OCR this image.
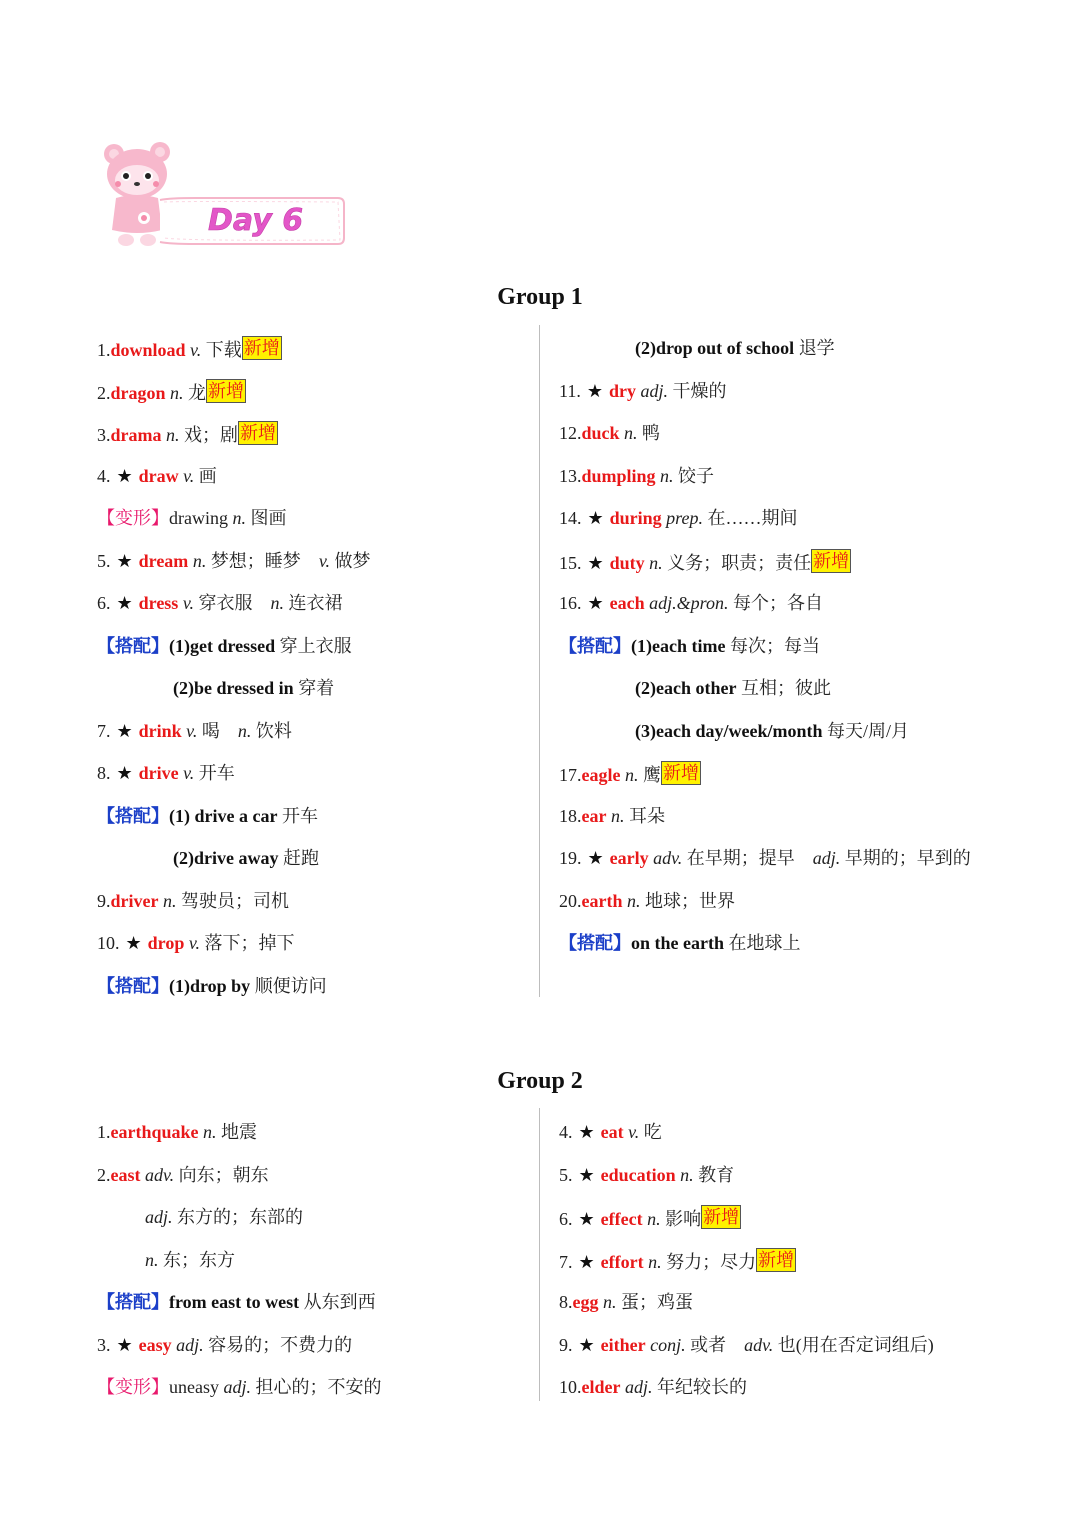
Day 6
Group 1
1.download v. 下载 新增
2.dragon n. 龙 新增
3.drama n. 戏；剧 新增
4. ★ draw v. 画
【变形】drawing n. 图画
5. ★ dream n. 梦想；睡梦 v. 做梦
6. ★ dress v. 穿衣服 n. 连衣裙
【搭配】(1)get dressed 穿上衣服
(2)be dressed in 穿着
7. ★ drink v. 喝 n. 饮料
8. ★ drive v. 开车
【搭配】(1) drive a car 开车
(2)drive away 赶跑
9.driver n. 驾驶员；司机
10. ★ drop v. 落下；掉下
【搭配】(1)drop by 顺便访问
(2)drop out of school 退学
11. ★ dry adj. 干燥的
12.duck n. 鸭
13.dumpling n. 饺子
14. ★ during prep. 在……期间
15. ★ duty n. 义务；职责；责任 新增
16. ★ each adj.&pron. 每个；各自
【搭配】(1)each time 每次；每当
(2)each other 互相；彼此
(3)each day/week/month 每天/周/月
17.eagle n. 鹰 新增
18.ear n. 耳朵
19. ★ early adv. 在早期；提早 adj. 早期的；早到的
20.earth n. 地球；世界
【搭配】on the earth 在地球上
Group 2
1.earthquake n. 地震
2.east adv. 向东；朝东
adj. 东方的；东部的
n. 东；东方
【搭配】from east to west 从东到西
3. ★ easy adj. 容易的；不费力的
【变形】uneasy adj. 担心的；不安的
4. ★ eat v. 吃
5. ★ education n. 教育
6. ★ effect n. 影响 新增
7. ★ effort n. 努力；尽力 新增
8.egg n. 蛋；鸡蛋
9. ★ either conj. 或者 adv. 也(用在否定词组后)
10.elder adj. 年纪较长的
